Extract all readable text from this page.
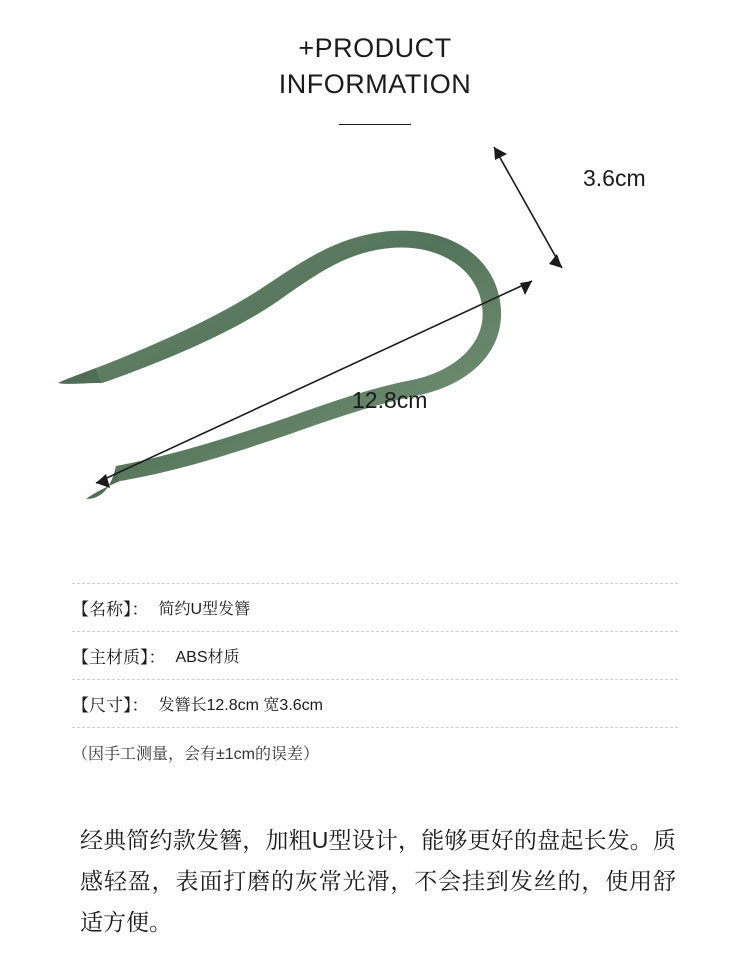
+PRODUCT
INFORMATION
12.8cm
3.6cm
【名称】： 简约U型发簪
【主材质】： ABS材质
【尺寸】： 发簪长12.8cm 宽3.6cm
（因手工测量，会有±1cm的误差）
经典简约款发簪，加粗U型设计，能够更好的盘起长发。质感轻盈，表面打磨的灰常光滑，不会挂到发丝的，使用舒适方便。
